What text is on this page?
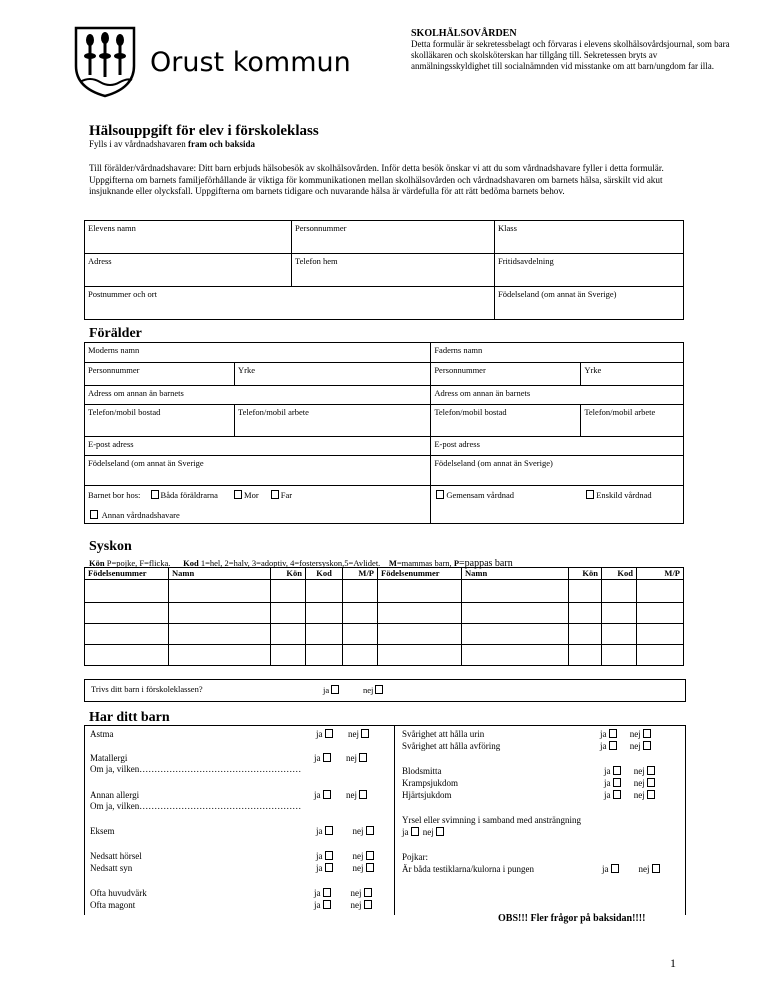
Orust kommun
SKOLHÄLSOVÅRDEN
Detta formulär är sekretessbelagt och förvaras i elevens skolhälsovårdsjournal, som bara skolläkaren och skolsköterskan har tillgång till. Sekretessen bryts av anmälningsskyldighet till socialnämnden vid misstanke om att barn/ungdom far illa.
Hälsouppgift för elev i förskoleklass
Fylls i av vårdnadshavaren fram och baksida
Till förälder/vårdnadshavare: Ditt barn erbjuds hälsobesök av skolhälsovården. Inför detta besök önskar vi att du som vårdnadshavare fyller i detta formulär. Uppgifterna om barnets familjeförhållande är viktiga för kommunikationen mellan skolhälsovården och vårdnadshavaren om barnets hälsa, särskilt vid akut insjuknande eller olycksfall. Uppgifterna om barnets tidigare och nuvarande hälsa är värdefulla för att rätt bedöma barnets behov.
Elevens namn	Personnummer	Klass
Adress	Telefon hem	Fritidsavdelning
Postnummer och ort		Födelseland (om annat än Sverige)
Förälder
Moderns namn		Faderns namn	
Personnummer	Yrke	Personnummer	Yrke
Adress om annan än barnets		Adress om annan än barnets	
Telefon/mobil bostad	Telefon/mobil arbete	Telefon/mobil bostad	Telefon/mobil arbete
E-post adress		E-post adress	
Födelseland (om annat än Sverige		Födelseland (om annat än Sverige)	
Barnet bor hos: Båda föräldrarna Mor Far
Annan vårdnadshavare		Gemensam vårdnad Enskild vårdnad	
Syskon
Kön P=pojke, F=flicka. Kod 1=hel, 2=halv, 3=adoptiv, 4=fostersyskon,5=Avlidet. M=mammas barn, P=pappas barn
Födelsenummer	Namn	Kön	Kod	M/P	Födelsenummer	Namn	Kön	Kod	M/P

Trivs ditt barn i förskoleklassen?	ja	nej
Har ditt barn
Astma	ja	nej
Matallergi	ja	nej
Om ja, vilken………………………………………………
Annan allergi	ja	nej
Om ja, vilken………………………………………………
Eksem	ja	nej
Nedsatt hörsel	ja	nej
Nedsatt syn	ja	nej
Ofta huvudvärk	ja	nej
Ofta magont	ja	nej
Svårighet att hålla urin	ja	nej
Svårighet att hålla avföring	ja	nej
Blodsmitta	ja	nej
Krampsjukdom	ja	nej
Hjärtsjukdom	ja	nej
Yrsel eller svimning i samband med ansträngning
ja nej
Pojkar:
Är båda testiklarna/kulorna i pungen	ja	nej
OBS!!! Fler frågor på baksidan!!!!
1
